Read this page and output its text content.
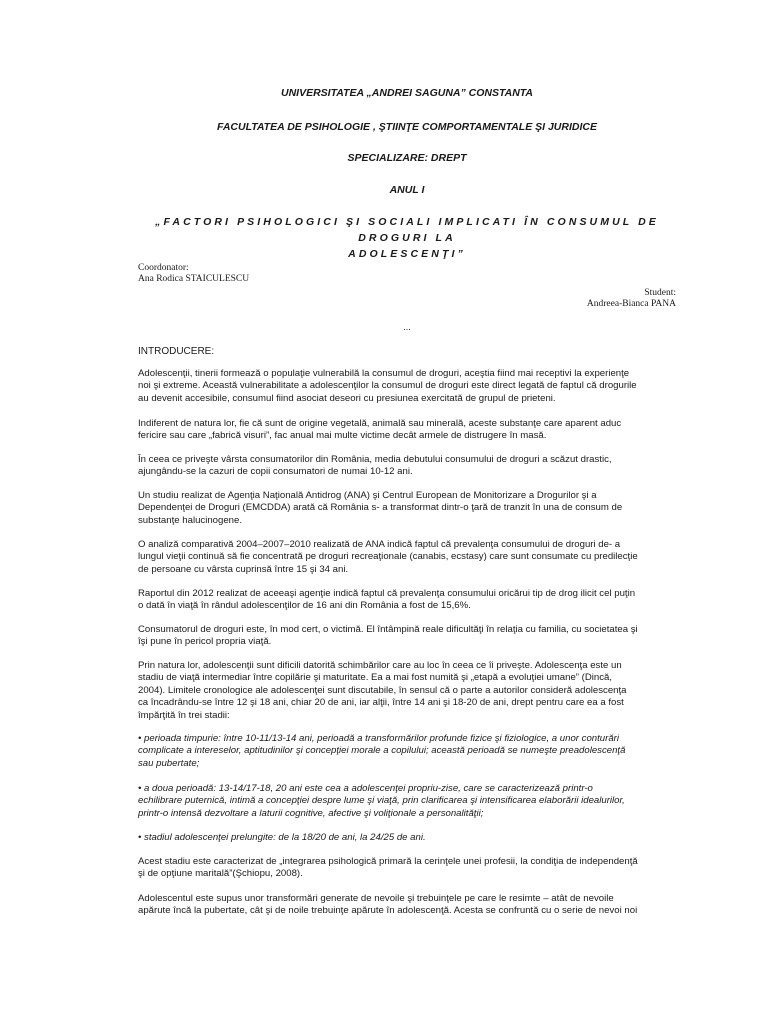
UNIVERSITATEA „ANDREI SAGUNA” CONSTANTA
FACULTATEA DE PSIHOLOGIE , ŞTIINŢE COMPORTAMENTALE ŞI JURIDICE
SPECIALIZARE: DREPT
ANUL I
„FACTORI PSIHOLOGICI ŞI SOCIALI IMPLICATI ÎN CONSUMUL DE DROGURI LA
ADOLESCENŢI”
Coordonator:
Ana Rodica STAICULESCU
Student:
Andreea-Bianca PANA
...
INTRODUCERE:
Adolescenţii, tinerii formează o populaţie vulnerabilă la consumul de droguri, aceştia fiind mai receptivi la experienţe
noi şi extreme. Această vulnerabilitate a adolescenţilor la consumul de droguri este direct legată de faptul că drogurile
au devenit accesibile, consumul fiind asociat deseori cu presiunea exercitată de grupul de prieteni.
Indiferent de natura lor, fie că sunt de origine vegetală, animală sau minerală, aceste substanţe care aparent aduc
fericire sau care „fabrică visuri”, fac anual mai multe victime decât armele de distrugere în masă.
În ceea ce priveşte vârsta consumatorilor din România, media debutului consumului de droguri a scăzut drastic,
ajungându-se la cazuri de copii consumatori de numai 10-12 ani.
Un studiu realizat de Agenţia Naţională Antidrog (ANA) şi Centrul European de Monitorizare a Drogurilor şi a
Dependenţei de Droguri (EMCDDA) arată că România s- a transformat dintr-o ţară de tranzit în una de consum de
substanţe halucinogene.
O analiză comparativă 2004–2007–2010 realizată de ANA indică faptul că prevalenţa consumului de droguri de- a
lungul vieţii continuă să fie concentrată pe droguri recreaţionale (canabis, ecstasy) care sunt consumate cu predilecţie
de persoane cu vârsta cuprinsă între 15 şi 34 ani.
Raportul din 2012 realizat de aceeaşi agenţie indică faptul că prevalenţa consumului oricărui tip de drog ilicit cel puţin
o dată în viaţă în rândul adolescenţilor de 16 ani din România a fost de 15,6%.
Consumatorul de droguri este, în mod cert, o victimă. El întâmpină reale dificultăţi în relaţia cu familia, cu societatea şi
îşi pune în pericol propria viaţă.
Prin natura lor, adolescenţii sunt dificili datorită schimbărilor care au loc în ceea ce îi priveşte. Adolescenţa este un
stadiu de viaţă intermediar între copilărie şi maturitate. Ea a mai fost numită şi „etapă a evoluţiei umane” (Dincă,
2004). Limitele cronologice ale adolescenţei sunt discutabile, în sensul că o parte a autorilor consideră adolescenţa
ca încadrându-se între 12 şi 18 ani, chiar 20 de ani, iar alţii, între 14 ani şi 18-20 de ani, drept pentru care ea a fost
împărţită în trei stadii:
• perioada timpurie: între 10-11/13-14 ani, perioadă a transformărilor profunde fizice şi fiziologice, a unor conturări
complicate a intereselor, aptitudinilor şi concepţiei morale a copilului; această perioadă se numeşte preadolescenţă
sau pubertate;
• a doua perioadă: 13-14/17-18, 20 ani este cea a adolescenţei propriu-zise, care se caracterizează printr-o
echilibrare puternică, intimă a concepţiei despre lume şi viaţă, prin clarificarea şi intensificarea elaborării idealurilor,
printr-o intensă dezvoltare a laturii cognitive, afective şi voliţionale a personalităţii;
• stadiul adolescenţei prelungite: de la 18/20 de ani, la 24/25 de ani.
Acest stadiu este caracterizat de „integrarea psihologică primară la cerinţele unei profesii, la condiţia de independenţă
şi de opţiune maritală”(Şchiopu, 2008).
Adolescentul este supus unor transformări generate de nevoile şi trebuinţele pe care le resimte – atât de nevoile
apărute încă la pubertate, cât şi de noile trebuinţe apărute în adolescenţă. Acesta se confruntă cu o serie de nevoi noi
